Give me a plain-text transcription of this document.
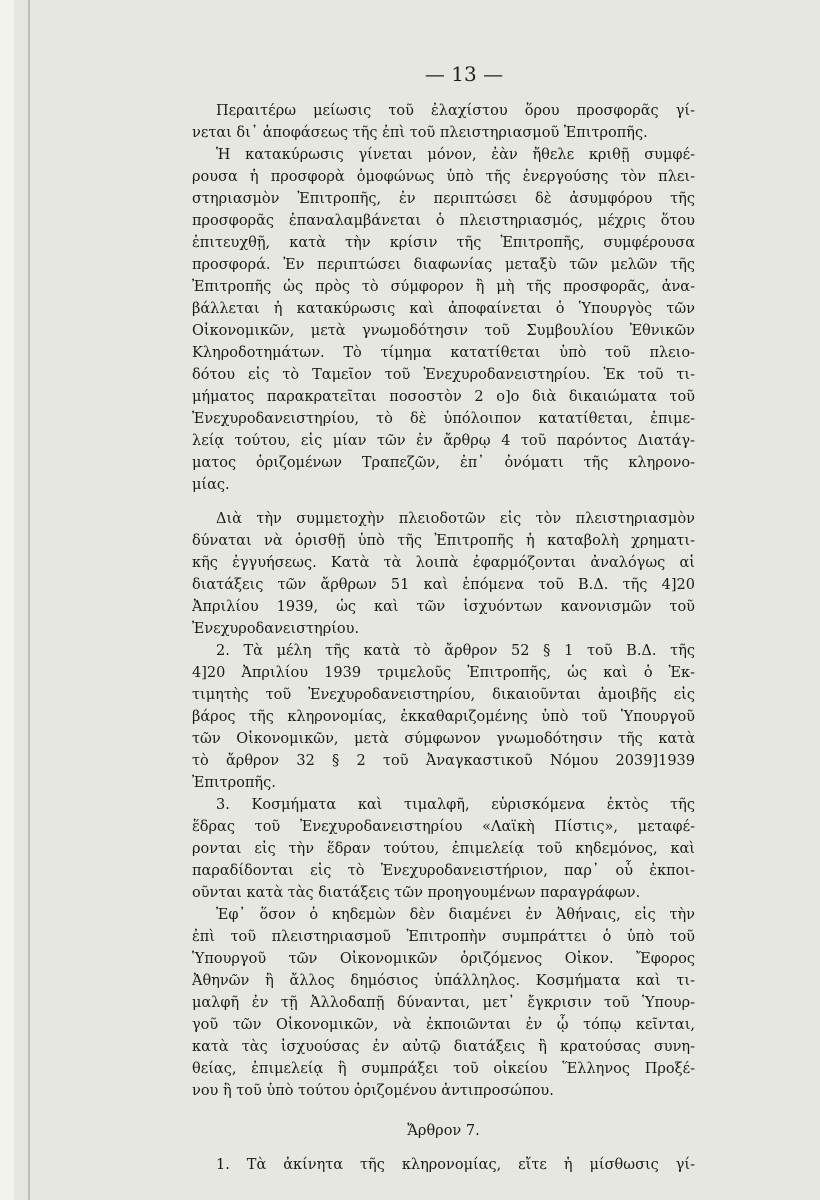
— 13 —
Περαιτέρω μείωσις τοῦ ἐλαχίστου ὅρου προσφορᾶς γί-
νεται δι᾽ ἀποφάσεως τῆς ἐπὶ τοῦ πλειστηριασμοῦ Ἐπιτροπῆς.
Ἡ κατακύρωσις γίνεται μόνον, ἐὰν ἤθελε κριθῇ συμφέ-
ρουσα ἡ προσφορὰ ὁμοφώνως ὑπὸ τῆς ἐνεργούσης τὸν πλει-
στηριασμὸν Ἐπιτροπῆς, ἐν περιπτώσει δὲ ἀσυμφόρου τῆς
προσφορᾶς ἐπαναλαμβάνεται ὁ πλειστηριασμός, μέχρις ὅτου
ἐπιτευχθῇ, κατὰ τὴν κρίσιν τῆς Ἐπιτροπῆς, συμφέρουσα
προσφορά. Ἐν περιπτώσει διαφωνίας μεταξὺ τῶν μελῶν τῆς
Ἐπιτροπῆς ὡς πρὸς τὸ σύμφορον ἢ μὴ τῆς προσφορᾶς, ἀνα-
βάλλεται ἡ κατακύρωσις καὶ ἀποφαίνεται ὁ Ὑπουργὸς τῶν
Οἰκονομικῶν, μετὰ γνωμοδότησιν τοῦ Συμβουλίου Ἐθνικῶν
Κληροδοτημάτων. Τὸ τίμημα κατατίθεται ὑπὸ τοῦ πλειο-
δότου εἰς τὸ Ταμεῖον τοῦ Ἐνεχυροδανειστηρίου. Ἐκ τοῦ τι-
μήματος παρακρατεῖται ποσοστὸν 2 ο]ο διὰ δικαιώματα τοῦ
Ἐνεχυροδανειστηρίου, τὸ δὲ ὑπόλοιπον κατατίθεται, ἐπιμε-
λείᾳ τούτου, εἰς μίαν τῶν ἐν ἄρθρῳ 4 τοῦ παρόντος Διατάγ-
ματος ὁριζομένων Τραπεζῶν, ἐπ᾽ ὀνόματι τῆς κληρονο-
μίας.
Διὰ τὴν συμμετοχὴν πλειοδοτῶν εἰς τὸν πλειστηριασμὸν
δύναται νὰ ὁρισθῇ ὑπὸ τῆς Ἐπιτροπῆς ἡ καταβολὴ χρηματι-
κῆς ἐγγυήσεως. Κατὰ τὰ λοιπὰ ἐφαρμόζονται ἀναλόγως αἱ
διατάξεις τῶν ἄρθρων 51 καὶ ἑπόμενα τοῦ Β.Δ. τῆς 4]20
Ἀπριλίου 1939, ὡς καὶ τῶν ἰσχυόντων κανονισμῶν τοῦ
Ἐνεχυροδανειστηρίου.
2. Τὰ μέλη τῆς κατὰ τὸ ἄρθρον 52 § 1 τοῦ Β.Δ. τῆς
4]20 Ἀπριλίου 1939 τριμελοῦς Ἐπιτροπῆς, ὡς καὶ ὁ Ἐκ-
τιμητὴς τοῦ Ἐνεχυροδανειστηρίου, δικαιοῦνται ἀμοιβῆς εἰς
βάρος τῆς κληρονομίας, ἐκκαθαριζομένης ὑπὸ τοῦ Ὑπουργοῦ
τῶν Οἰκονομικῶν, μετὰ σύμφωνον γνωμοδότησιν τῆς κατὰ
τὸ ἄρθρον 32 § 2 τοῦ Ἀναγκαστικοῦ Νόμου 2039]1939
Ἐπιτροπῆς.
3. Κοσμήματα καὶ τιμαλφῆ, εὑρισκόμενα ἐκτὸς τῆς
ἕδρας τοῦ Ἐνεχυροδανειστηρίου «Λαϊκὴ Πίστις», μεταφέ-
ρονται εἰς τὴν ἕδραν τούτου, ἐπιμελείᾳ τοῦ κηδεμόνος, καὶ
παραδίδονται εἰς τὸ Ἐνεχυροδανειστήριον, παρ᾽ οὗ ἐκποι-
οῦνται κατὰ τὰς διατάξεις τῶν προηγουμένων παραγράφων.
Ἐφ᾽ ὅσον ὁ κηδεμὼν δὲν διαμένει ἐν Ἀθήναις, εἰς τὴν
ἐπὶ τοῦ πλειστηριασμοῦ Ἐπιτροπὴν συμπράττει ὁ ὑπὸ τοῦ
Ὑπουργοῦ τῶν Οἰκονομικῶν ὁριζόμενος Οἰκον. Ἔφορος
Ἀθηνῶν ἢ ἄλλος δημόσιος ὑπάλληλος. Κοσμήματα καὶ τι-
μαλφῆ ἐν τῇ Ἀλλοδαπῇ δύνανται, μετ᾽ ἔγκρισιν τοῦ Ὑπουρ-
γοῦ τῶν Οἰκονομικῶν, νὰ ἐκποιῶνται ἐν ᾧ τόπῳ κεῖνται,
κατὰ τὰς ἰσχυούσας ἐν αὐτῷ διατάξεις ἢ κρατούσας συνη-
θείας, ἐπιμελείᾳ ἢ συμπράξει τοῦ οἰκείου Ἕλληνος Προξέ-
νου ἢ τοῦ ὑπὸ τούτου ὁριζομένου ἀντιπροσώπου.
Ἄρθρον 7.
1. Τὰ ἀκίνητα τῆς κληρονομίας, εἴτε ἡ μίσθωσις γί-
